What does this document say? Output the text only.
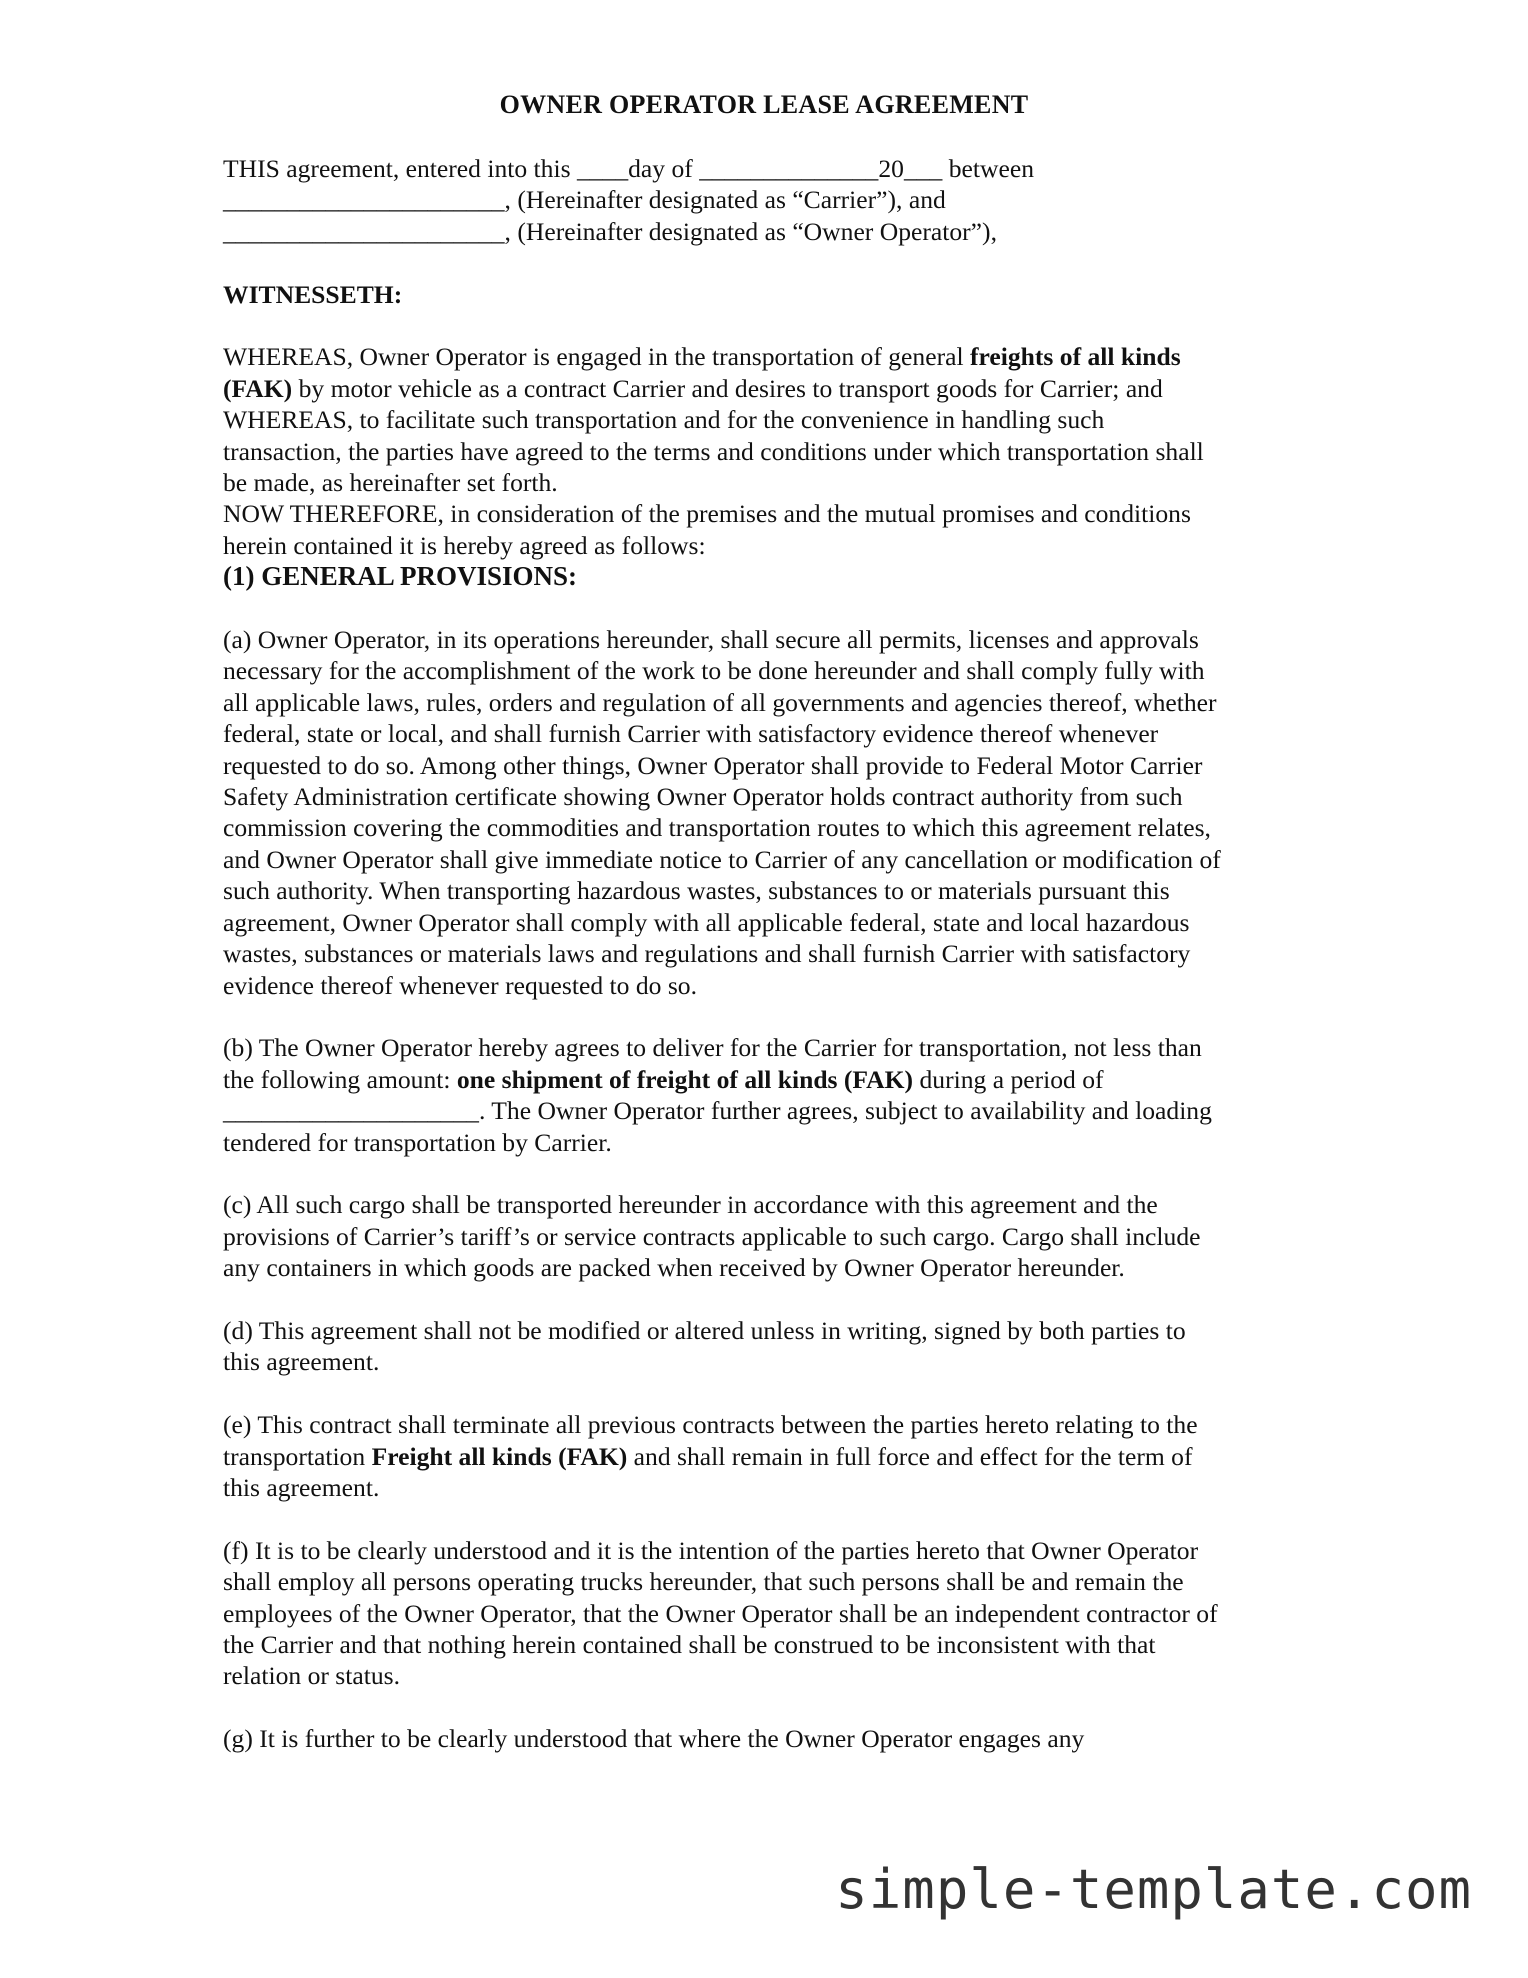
OWNER OPERATOR LEASE AGREEMENT
THIS agreement, entered into this ____day of ______________20___ between
______________________, (Hereinafter designated as “Carrier”), and
______________________, (Hereinafter designated as “Owner Operator”),
WITNESSETH:
WHEREAS, Owner Operator is engaged in the transportation of general freights of all kinds
(FAK) by motor vehicle as a contract Carrier and desires to transport goods for Carrier; and
WHEREAS, to facilitate such transportation and for the convenience in handling such
transaction, the parties have agreed to the terms and conditions under which transportation shall
be made, as hereinafter set forth.
NOW THEREFORE, in consideration of the premises and the mutual promises and conditions
herein contained it is hereby agreed as follows:
(1) GENERAL PROVISIONS:
(a) Owner Operator, in its operations hereunder, shall secure all permits, licenses and approvals
necessary for the accomplishment of the work to be done hereunder and shall comply fully with
all applicable laws, rules, orders and regulation of all governments and agencies thereof, whether
federal, state or local, and shall furnish Carrier with satisfactory evidence thereof whenever
requested to do so. Among other things, Owner Operator shall provide to Federal Motor Carrier
Safety Administration certificate showing Owner Operator holds contract authority from such
commission covering the commodities and transportation routes to which this agreement relates,
and Owner Operator shall give immediate notice to Carrier of any cancellation or modification of
such authority. When transporting hazardous wastes, substances to or materials pursuant this
agreement, Owner Operator shall comply with all applicable federal, state and local hazardous
wastes, substances or materials laws and regulations and shall furnish Carrier with satisfactory
evidence thereof whenever requested to do so.
(b) The Owner Operator hereby agrees to deliver for the Carrier for transportation, not less than
the following amount: one shipment of freight of all kinds (FAK) during a period of
____________________. The Owner Operator further agrees, subject to availability and loading
tendered for transportation by Carrier.
(c) All such cargo shall be transported hereunder in accordance with this agreement and the
provisions of Carrier’s tariff’s or service contracts applicable to such cargo. Cargo shall include
any containers in which goods are packed when received by Owner Operator hereunder.
(d) This agreement shall not be modified or altered unless in writing, signed by both parties to
this agreement.
(e) This contract shall terminate all previous contracts between the parties hereto relating to the
transportation Freight all kinds (FAK) and shall remain in full force and effect for the term of
this agreement.
(f) It is to be clearly understood and it is the intention of the parties hereto that Owner Operator
shall employ all persons operating trucks hereunder, that such persons shall be and remain the
employees of the Owner Operator, that the Owner Operator shall be an independent contractor of
the Carrier and that nothing herein contained shall be construed to be inconsistent with that
relation or status.
(g) It is further to be clearly understood that where the Owner Operator engages any
simple-template.com
